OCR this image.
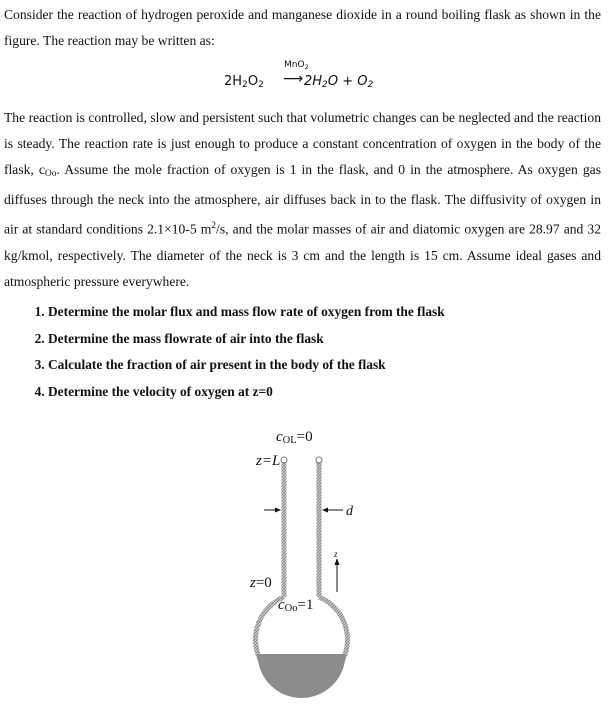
Consider the reaction of hydrogen peroxide and manganese dioxide in a round boiling flask as shown in the figure. The reaction may be written as:

$2H_2O_2$
MnO$_2$
⟶ $2H_2O + O_2$

The reaction is controlled, slow and persistent such that volumetric changes can be neglected and the reaction is steady. The reaction rate is just enough to produce a constant concentration of oxygen in the body of the flask, $c_{Oo}$. Assume the mole fraction of oxygen is 1 in the flask, and 0 in the atmosphere. As oxygen gas diffuses through the neck into the atmosphere, air diffuses back in to the flask. The diffusivity of oxygen in air at standard conditions 2.1×10-5 $m^2/s$, and the molar masses of air and diatomic oxygen are 28.97 and 32 kg/kmol, respectively. The diameter of the neck is 3 cm and the length is 15 cm. Assume ideal gases and atmospheric pressure everywhere.

1. Determine the molar flux and mass flow rate of oxygen from the flask
2. Determine the mass flowrate of air into the flask
3. Calculate the fraction of air present in the body of the flask
4. Determine the velocity of oxygen at z=0
$c_{OL}=0$
z=L
z=0
$c_{Oo}=1$
d
z
